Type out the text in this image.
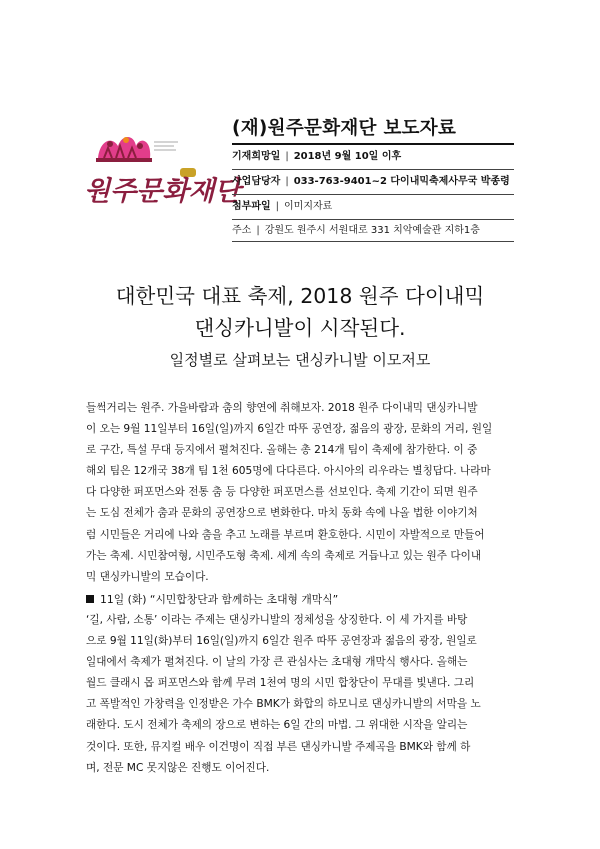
원주문화재단
(재)원주문화재단 보도자료
기재희망일 | 2018년 9월 10일 이후
사업담당자 | 033-763-9401~2 다이내믹축제사무국 박종령
첨부파일 | 이미지자료
주소 | 강원도 원주시 서원대로 331 치악예술관 지하1층
대한민국 대표 축제, 2018 원주 다이내믹
댄싱카니발이 시작된다.
일정별로 살펴보는 댄싱카니발 이모저모
들썩거리는 원주. 가을바람과 춤의 향연에 취해보자. 2018 원주 다이내믹 댄싱카니발
이 오는 9월 11일부터 16일(일)까지 6일간 따뚜 공연장, 젊음의 광장, 문화의 거리, 원일
로 구간, 특설 무대 등지에서 펼쳐진다. 올해는 총 214개 팀이 축제에 참가한다. 이 중
해외 팀은 12개국 38개 팀 1천 605명에 다다른다. 아시아의 리우라는 별칭답다. 나라마
다 다양한 퍼포먼스와 전통 춤 등 다양한 퍼포먼스를 선보인다. 축제 기간이 되면 원주
는 도심 전체가 춤과 문화의 공연장으로 변화한다. 마치 동화 속에 나올 법한 이야기처
럼 시민들은 거리에 나와 춤을 추고 노래를 부르며 환호한다. 시민이 자발적으로 만들어
가는 축제. 시민참여형, 시민주도형 축제. 세계 속의 축제로 거듭나고 있는 원주 다이내
믹 댄싱카니발의 모습이다.
11일 (화) “시민합창단과 함께하는 초대형 개막식”
‘길, 사람, 소통’ 이라는 주제는 댄싱카니발의 정체성을 상징한다. 이 세 가지를 바탕
으로 9월 11일(화)부터 16일(일)까지 6일간 원주 따뚜 공연장과 젊음의 광장, 원일로
일대에서 축제가 펼쳐진다. 이 날의 가장 큰 관심사는 초대형 개막식 행사다. 올해는
월드 클래시 몹 퍼포먼스와 함께 무려 1천여 명의 시민 합창단이 무대를 빛낸다. 그리
고 폭발적인 가창력을 인정받은 가수 BMK가 화합의 하모니로 댄싱카니발의 서막을 노
래한다. 도시 전체가 축제의 장으로 변하는 6일 간의 마법. 그 위대한 시작을 알리는
것이다. 또한, 뮤지컬 배우 이건명이 직접 부른 댄싱카니발 주제곡을 BMK와 함께 하
며, 전문 MC 못지않은 진행도 이어진다.
